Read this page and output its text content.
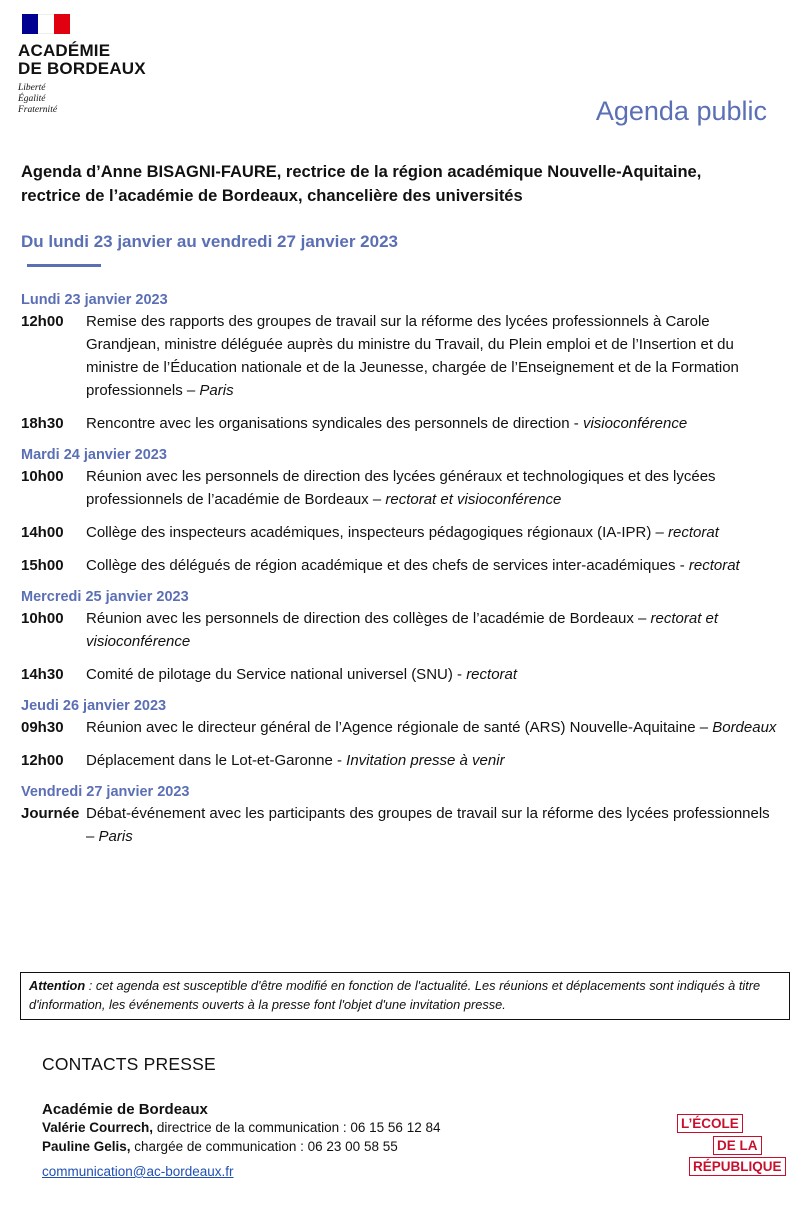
ACADÉMIE
DE BORDEAUX
Liberté
Égalité
Fraternité	Agenda public
Agenda d’Anne BISAGNI-FAURE, rectrice de la région académique Nouvelle-Aquitaine, rectrice de l’académie de Bordeaux, chancelière des universités
Du lundi 23 janvier au vendredi 27 janvier 2023
Lundi 23 janvier 2023
12h00	Remise des rapports des groupes de travail sur la réforme des lycées professionnels à Carole Grandjean, ministre déléguée auprès du ministre du Travail, du Plein emploi et de l’Insertion et du ministre de l’Éducation nationale et de la Jeunesse, chargée de l’Enseignement et de la Formation professionnels – Paris
18h30	Rencontre avec les organisations syndicales des personnels de direction - visioconférence
Mardi 24 janvier 2023
10h00	Réunion avec les personnels de direction des lycées généraux et technologiques et des lycées professionnels de l’académie de Bordeaux – rectorat et visioconférence
14h00	Collège des inspecteurs académiques, inspecteurs pédagogiques régionaux (IA-IPR) – rectorat
15h00	Collège des délégués de région académique et des chefs de services inter-académiques - rectorat
Mercredi 25 janvier 2023
10h00	Réunion avec les personnels de direction des collèges de l’académie de Bordeaux – rectorat et visioconférence
14h30	Comité de pilotage du Service national universel (SNU) - rectorat
Jeudi 26 janvier 2023
09h30	Réunion avec le directeur général de l’Agence régionale de santé (ARS) Nouvelle-Aquitaine – Bordeaux
12h00	Déplacement dans le Lot-et-Garonne - Invitation presse à venir
Vendredi 27 janvier 2023
Journée Débat-événement avec les participants des groupes de travail sur la réforme des lycées professionnels – Paris
Attention : cet agenda est susceptible d'être modifié en fonction de l'actualité. Les réunions et déplacements sont indiqués à titre d'information, les événements ouverts à la presse font l'objet d'une invitation presse.
CONTACTS PRESSE
Académie de Bordeaux
Valérie Courrech, directrice de la communication : 06 15 56 12 84
Pauline Gelis, chargée de communication : 06 23 00 58 55
communication@ac-bordeaux.fr
L’ÉCOLE
DE LA
RÉPUBLIQUE
